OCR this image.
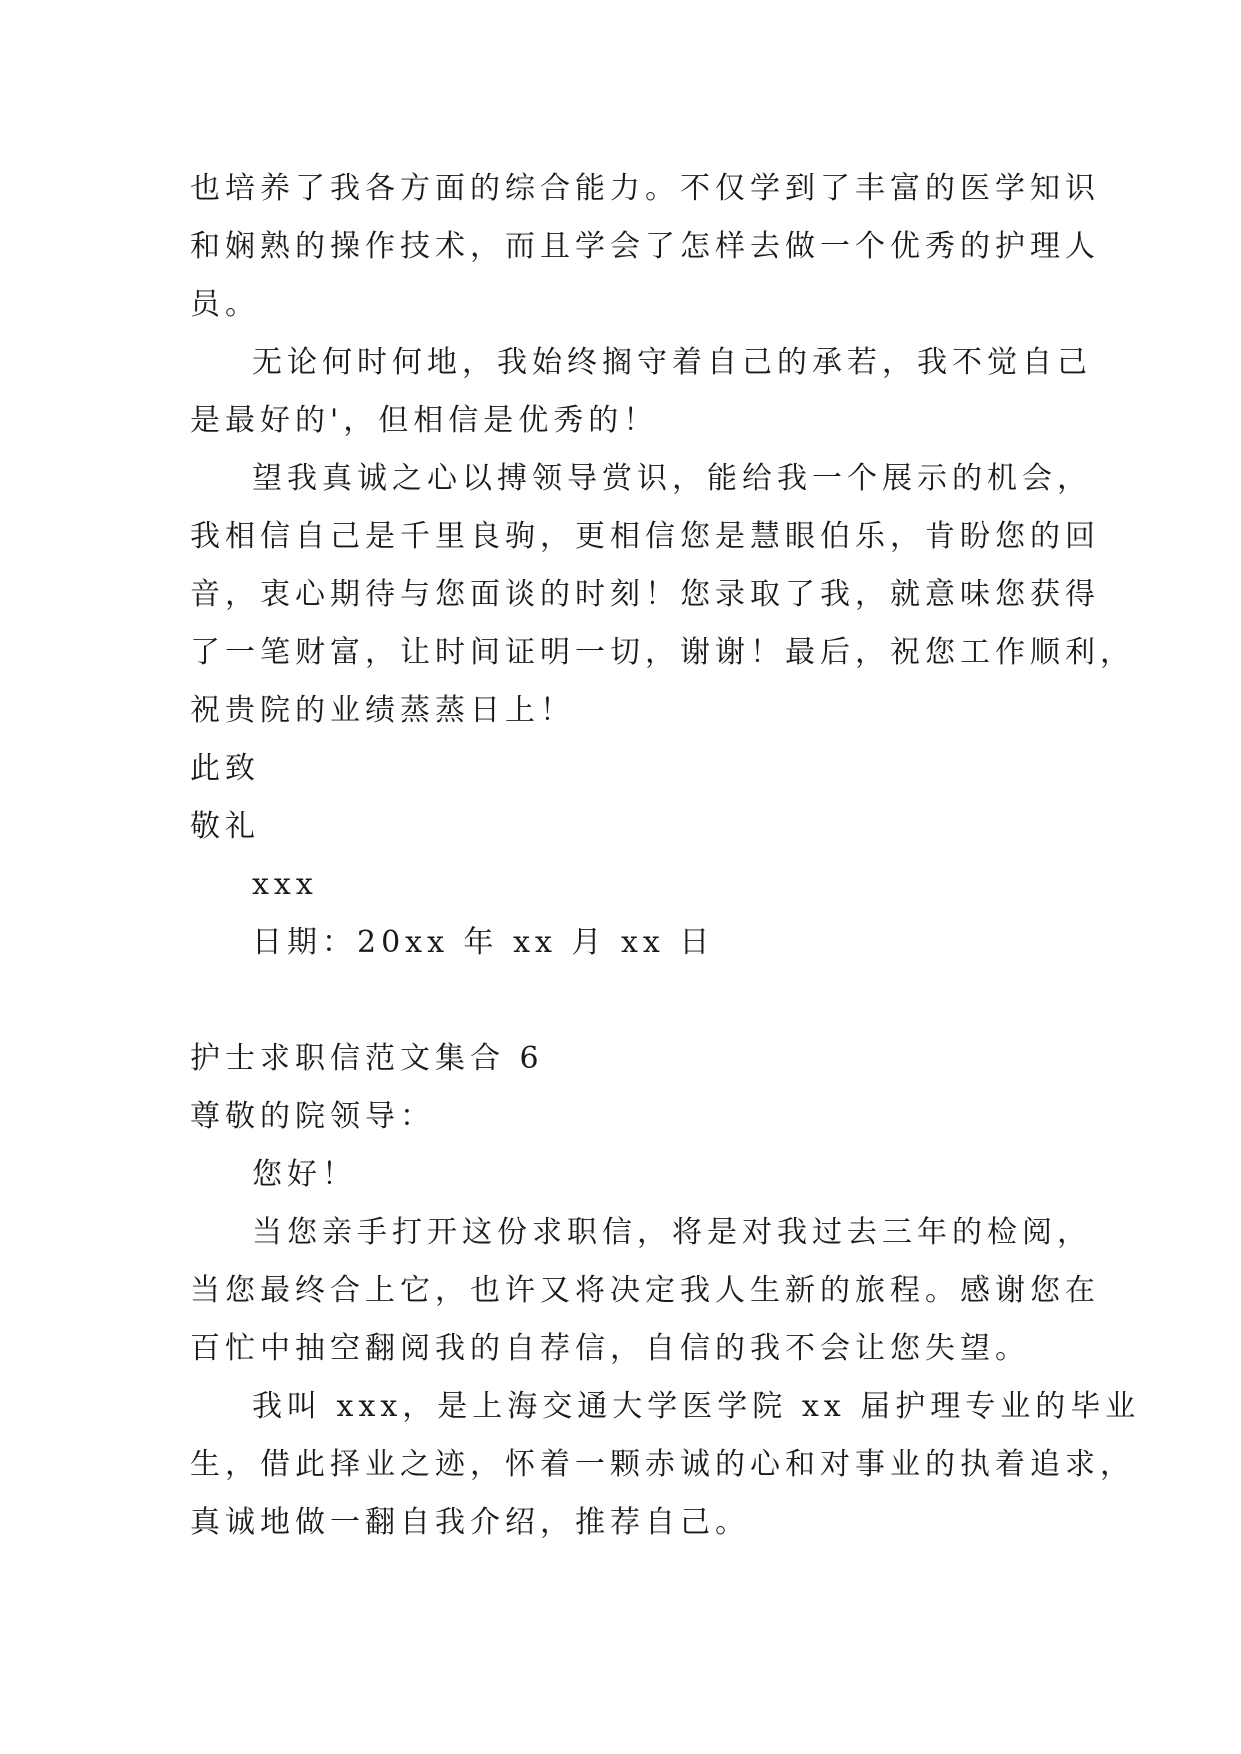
也培养了我各方面的综合能力。不仅学到了丰富的医学知识
和娴熟的操作技术，而且学会了怎样去做一个优秀的护理人
员。
无论何时何地，我始终搁守着自己的承若，我不觉自己
是最好的'，但相信是优秀的！
望我真诚之心以搏领导赏识，能给我一个展示的机会，
我相信自己是千里良驹，更相信您是慧眼伯乐，肯盼您的回
音，衷心期待与您面谈的时刻！您录取了我，就意味您获得
了一笔财富，让时间证明一切，谢谢！最后，祝您工作顺利，
祝贵院的业绩蒸蒸日上！
此致
敬礼
xxx
日期：20xx 年 xx 月 xx 日
护士求职信范文集合 6
尊敬的院领导：
您好！
当您亲手打开这份求职信，将是对我过去三年的检阅，
当您最终合上它，也许又将决定我人生新的旅程。感谢您在
百忙中抽空翻阅我的自荐信，自信的我不会让您失望。
我叫 xxx，是上海交通大学医学院 xx 届护理专业的毕业
生，借此择业之迹，怀着一颗赤诚的心和对事业的执着追求，
真诚地做一翻自我介绍，推荐自己。
